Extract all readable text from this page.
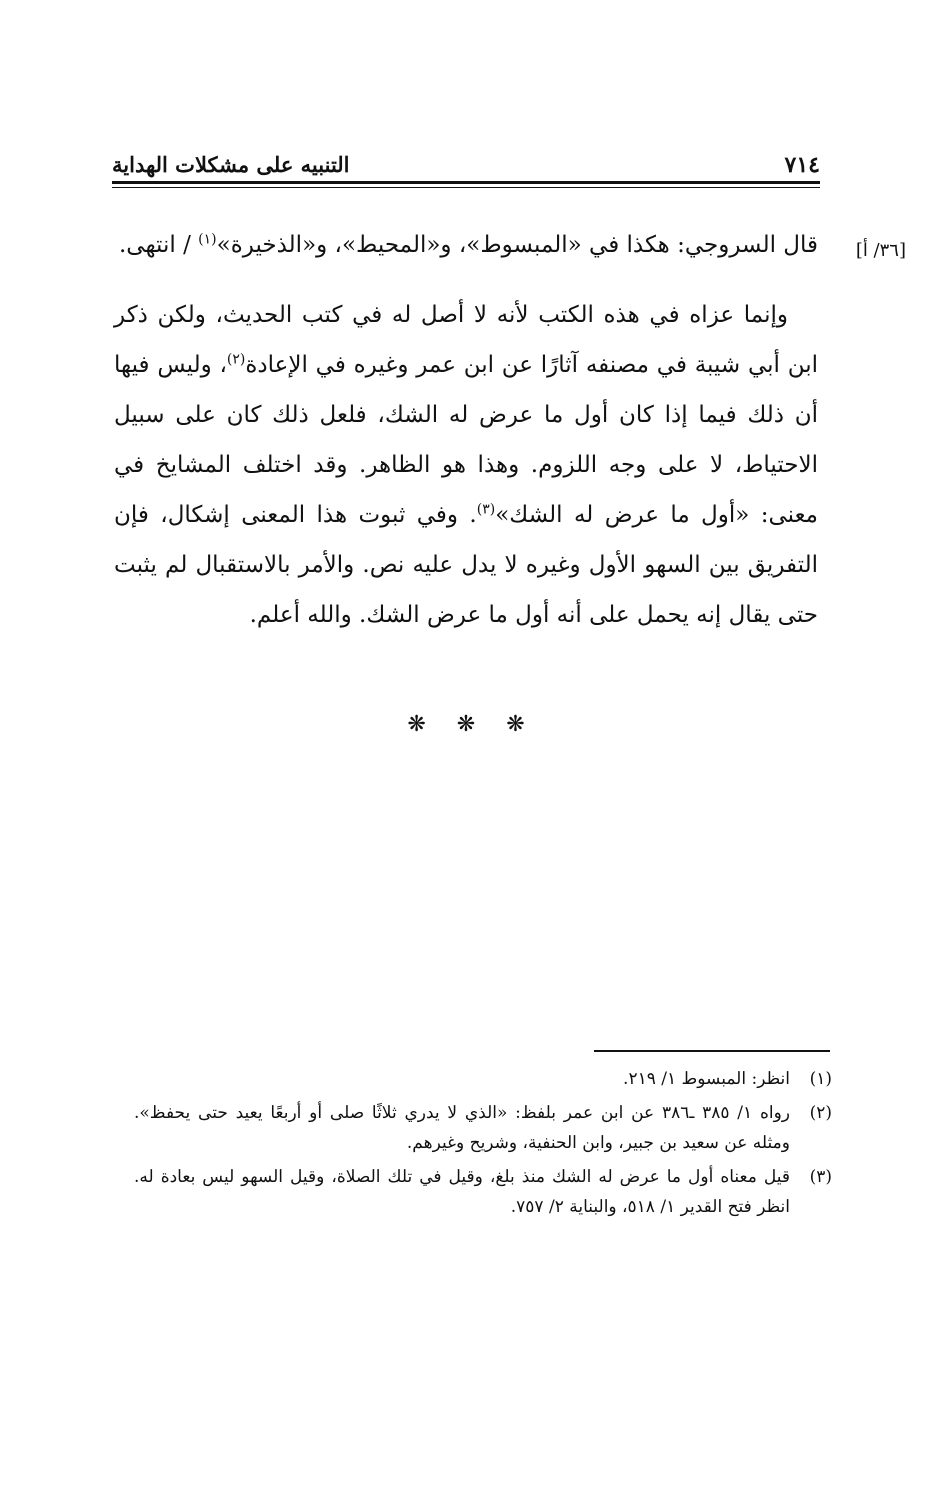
٧١٤
التنبيه على مشكلات الهداية
[٣٦/ أ]

قال السروجي: هكذا في «المبسوط»، و«المحيط»، و«الذخيرة»$^{(١)}$ / انتهى.

وإنما عزاه في هذه الكتب لأنه لا أصل له في كتب الحديث، ولكن ذكر ابن أبي شيبة في مصنفه آثارًا عن ابن عمر وغيره في الإعادة$^{(٢)}$، وليس فيها أن ذلك فيما إذا كان أول ما عرض له الشك، فلعل ذلك كان على سبيل الاحتياط، لا على وجه اللزوم. وهذا هو الظاهر. وقد اختلف المشايخ في معنى: «أول ما عرض له الشك»$^{(٣)}$. وفي ثبوت هذا المعنى إشكال، فإن التفريق بين السهو الأول وغيره لا يدل عليه نص. والأمر بالاستقبال لم يثبت حتى يقال إنه يحمل على أنه أول ما عرض الشك. والله أعلم.

❋ ❋ ❋
(١)
انظر: المبسوط ١/ ٢١٩.
(٢)
رواه ١/ ٣٨٥ ـ٣٨٦ عن ابن عمر بلفظ: «الذي لا يدري ثلاثًا صلى أو أربعًا يعيد حتى يحفظ». ومثله عن سعيد بن جبير، وابن الحنفية، وشريح وغيرهم.
(٣)
قيل معناه أول ما عرض له الشك منذ بلغ، وقيل في تلك الصلاة، وقيل السهو ليس بعادة له. انظر فتح القدير ١/ ٥١٨، والبناية ٢/ ٧٥٧.
